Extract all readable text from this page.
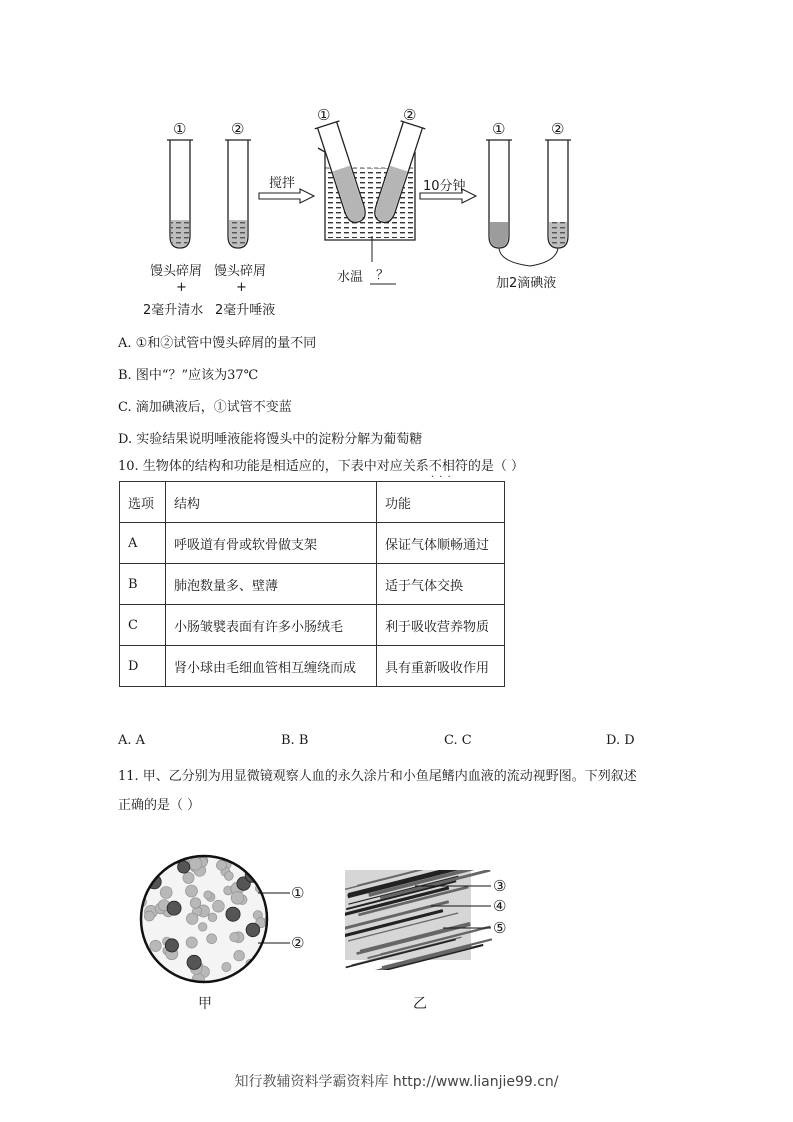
①	②
①	②
①	②
搅拌	10分钟
馒头碎屑
+
2毫升清水
馒头碎屑
+
2毫升唾液
水温 ？
加2滴碘液
A. ①和②试管中馒头碎屑的量不同
B. 图中“？”应该为37℃
C. 滴加碘液后，①试管不变蓝
D. 实验结果说明唾液能将馒头中的淀粉分解为葡萄糖
10. 生物体的结构和功能是相适应的，下表中对应关系不相符 · · ·的是（ ）
选项	结构	功能
A	呼吸道有骨或软骨做支架	保证气体顺畅通过
B	肺泡数量多、壁薄	适于气体交换
C	小肠皱襞表面有许多小肠绒毛	利于吸收营养物质
D	肾小球由毛细血管相互缠绕而成	具有重新吸收作用
A. A	B. B	C. C	D. D
11. 甲、乙分别为用显微镜观察人血的永久涂片和小鱼尾鳍内血液的流动视野图。下列叙述
正确的是（ ）
①
②
甲
③
④
⑤
乙
知行教辅资料学霸资料库 http://www.lianjie99.cn/
